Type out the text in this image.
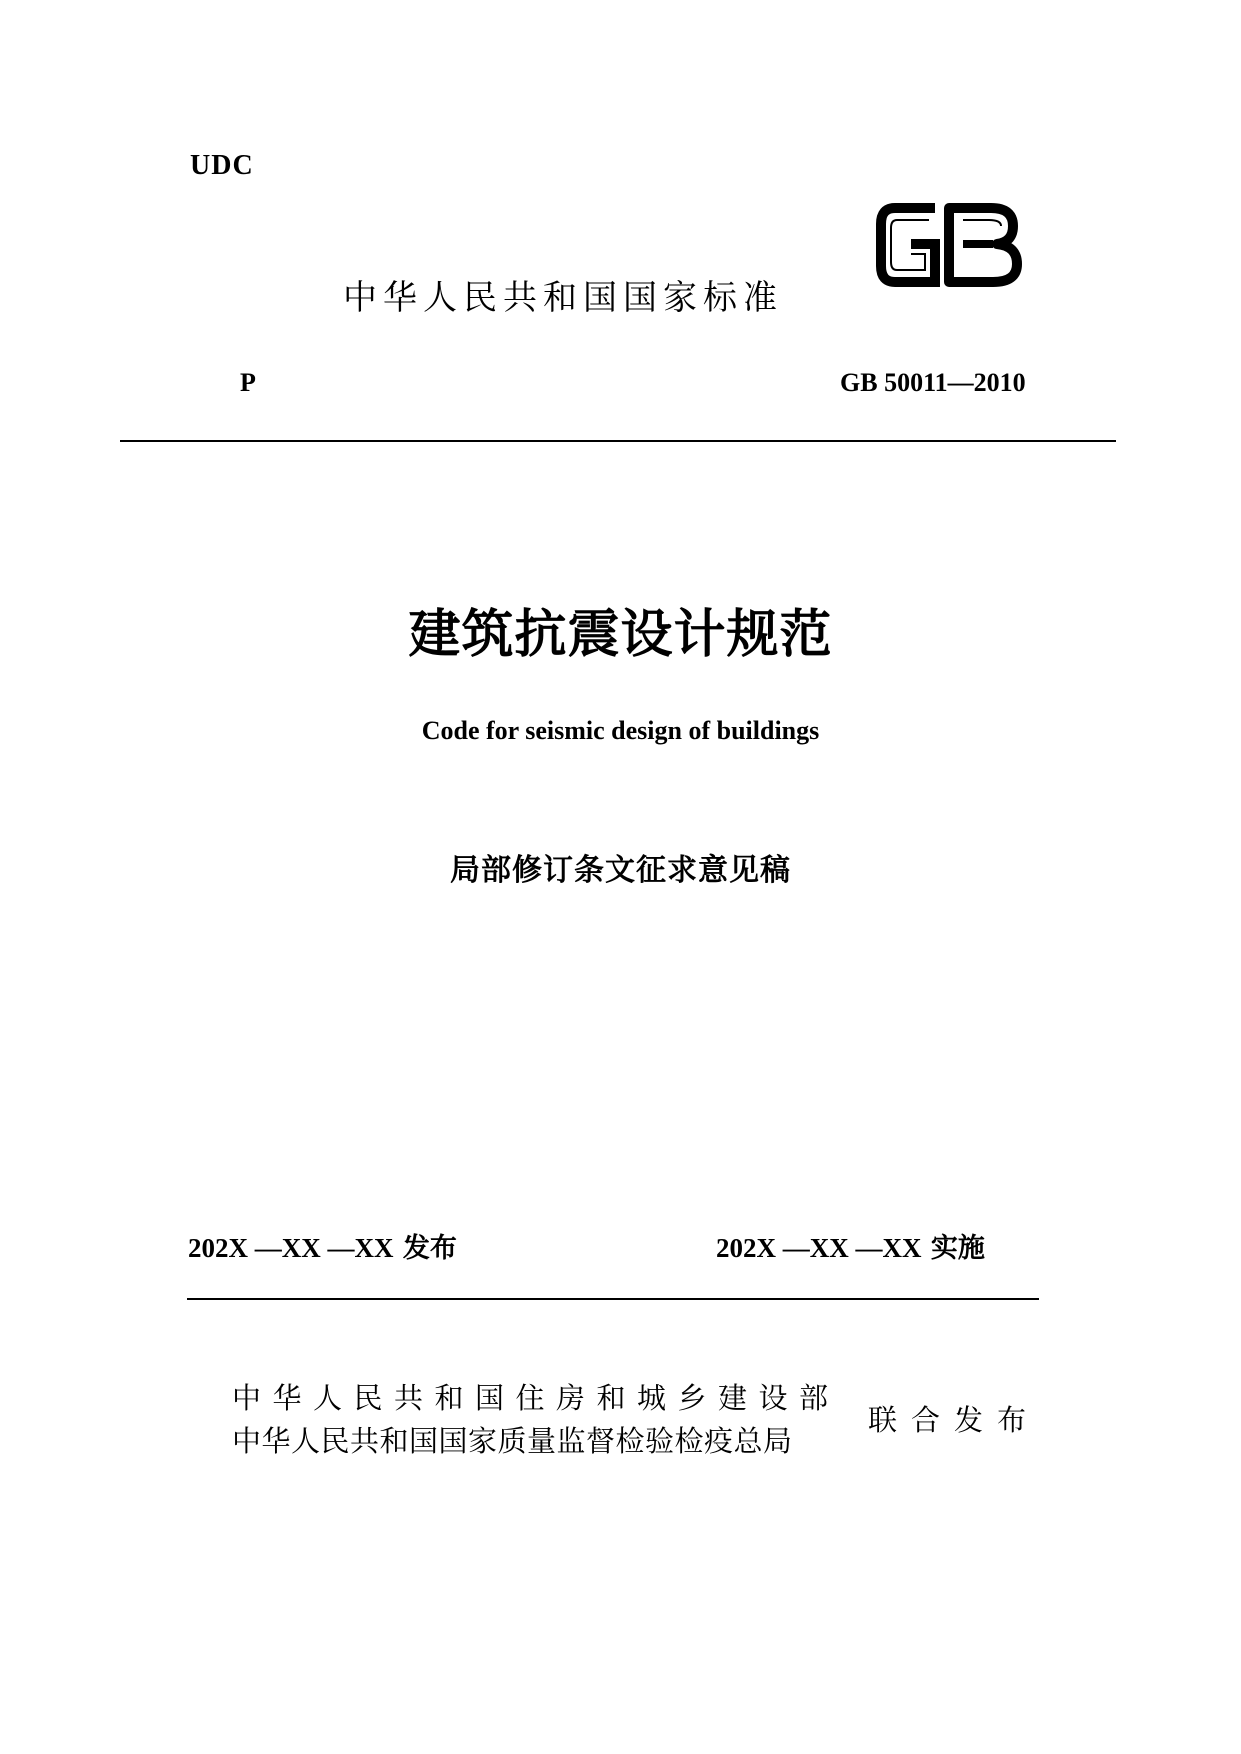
UDC
中华人民共和国国家标准
P	GB 50011—2010
建筑抗震设计规范
Code for seismic design of buildings
局部修订条文征求意见稿
202X —XX —XX 发布	202X —XX —XX 实施
中华人民共和国住房和城乡建设部
中华人民共和国国家质量监督检验检疫总局
联合发布
